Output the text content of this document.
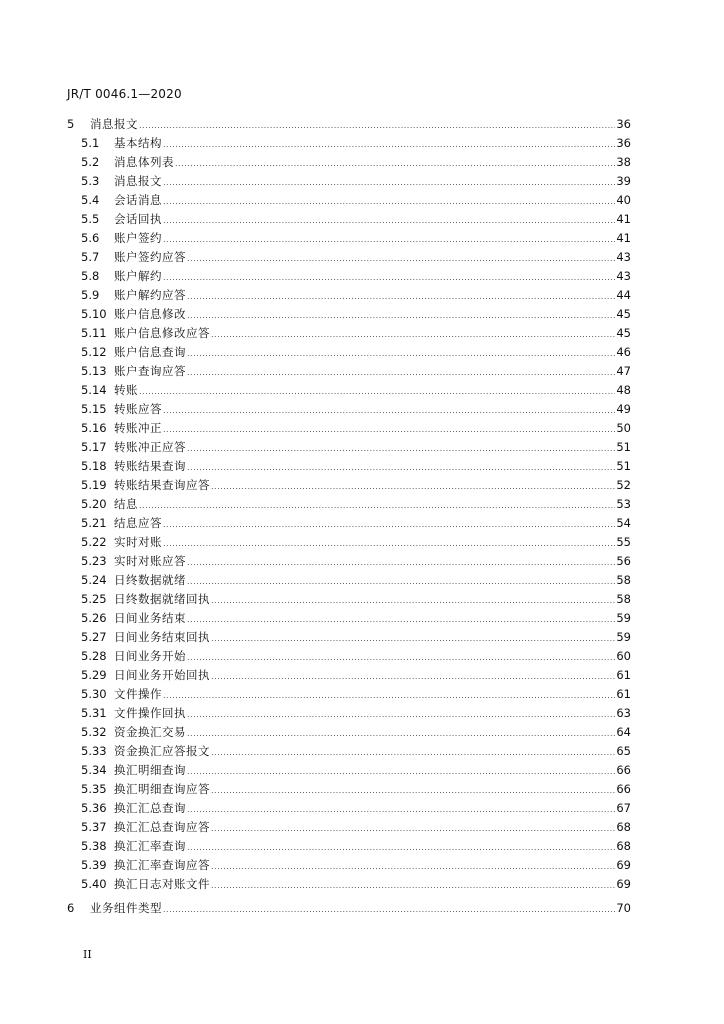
JR/T 0046.1—2020
5	消息报文 .....	36
5.1	基本结构 .....	36
5.2	消息体列表 .....	38
5.3	消息报文 .....	39
5.4	会话消息 .....	40
5.5	会话回执 .....	41
5.6	账户签约 .....	41
5.7	账户签约应答 .....	43
5.8	账户解约 .....	43
5.9	账户解约应答 .....	44
5.10 账户信息修改 .....	45
5.11 账户信息修改应答 .....	45
5.12 账户信息查询 .....	46
5.13 账户查询应答 .....	47
5.14 转账 .....	48
5.15 转账应答 .....	49
5.16 转账冲正 .....	50
5.17 转账冲正应答 .....	51
5.18 转账结果查询 .....	51
5.19 转账结果查询应答 .....	52
5.20 结息 .....	53
5.21 结息应答 .....	54
5.22 实时对账 .....	55
5.23 实时对账应答 .....	56
5.24 日终数据就绪 .....	58
5.25 日终数据就绪回执 .....	58
5.26 日间业务结束 .....	59
5.27 日间业务结束回执 .....	59
5.28 日间业务开始 .....	60
5.29 日间业务开始回执 .....	61
5.30 文件操作 .....	61
5.31 文件操作回执 .....	63
5.32 资金换汇交易 .....	64
5.33 资金换汇应答报文 .....	65
5.34 换汇明细查询 .....	66
5.35 换汇明细查询应答 .....	66
5.36 换汇汇总查询 .....	67
5.37 换汇汇总查询应答 .....	68
5.38 换汇汇率查询 .....	68
5.39 换汇汇率查询应答 .....	69
5.40 换汇日志对账文件 .....	69
6	业务组件类型 .....	70
II
